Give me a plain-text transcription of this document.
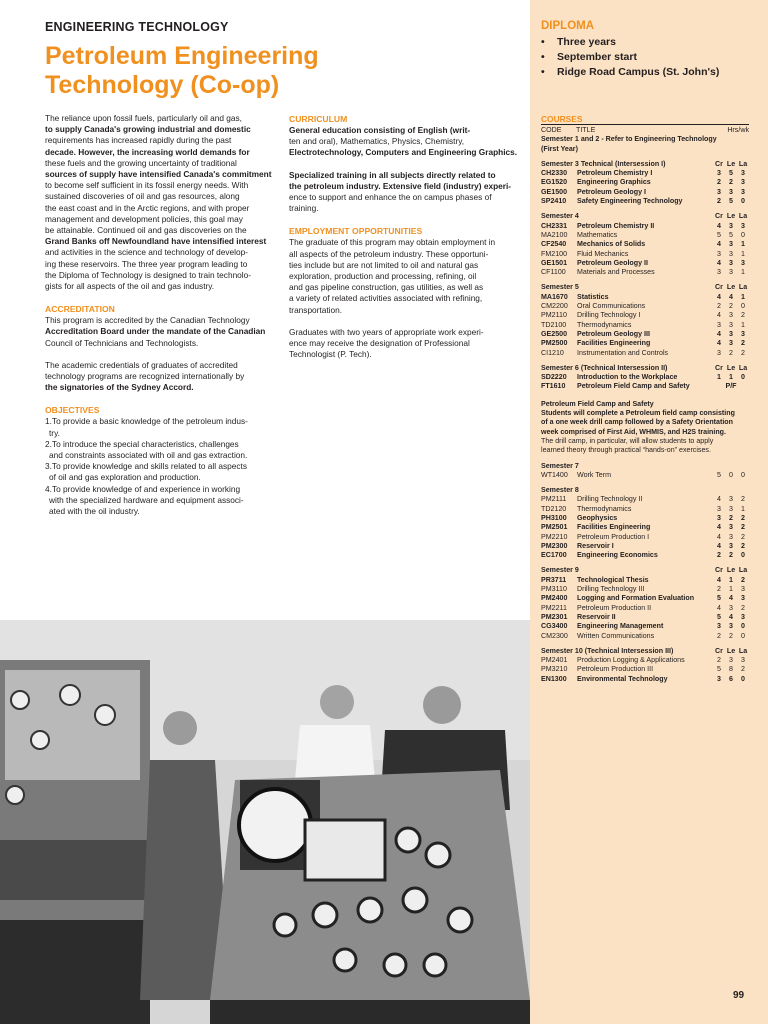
ENGINEERING TECHNOLOGY
Petroleum Engineering
Technology (Co-op)

The reliance upon fossil fuels, particularly oil and gas,
to supply Canada's growing industrial and domestic
requirements has increased rapidly during the past
decade. However, the increasing world demands for
these fuels and the growing uncertainty of traditional
sources of supply have intensified Canada's commitment
to become self sufficient in its fossil energy needs. With
sustained discoveries of oil and gas resources, along
the east coast and in the Arctic regions, and with proper
management and development policies, this goal may
be attainable. Continued oil and gas discoveries on the
Grand Banks off Newfoundland have intensified interest
and activities in the science and technology of develop-
ing these reservoirs. The three year program leading to
the Diploma of Technology is designed to train technolo-
gists for all aspects of the oil and gas industry.

ACCREDITATION

This program is accredited by the Canadian Technology
Accreditation Board under the mandate of the Canadian
Council of Technicians and Technologists.

The academic credentials of graduates of accredited
technology programs are recognized internationally by
the signatories of the Sydney Accord.

OBJECTIVES
1.To provide a basic knowledge of the petroleum indus-
try.
2.To introduce the special characteristics, challenges
and constraints associated with oil and gas extraction.
3.To provide knowledge and skills related to all aspects
of oil and gas exploration and production.
4.To provide knowledge of and experience in working
with the specialized hardware and equipment associ-
ated with the oil industry.
CURRICULUM

General education consisting of English (writ-
ten and oral), Mathematics, Physics, Chemistry,
Electrotechnology, Computers and Engineering Graphics.

Specialized training in all subjects directly related to
the petroleum industry. Extensive field (industry) experi-
ence to support and enhance the on campus phases of
training.

EMPLOYMENT OPPORTUNITIES

The graduate of this program may obtain employment in
all aspects of the petroleum industry. These opportuni-
ties include but are not limited to oil and natural gas
exploration, production and processing, refining, oil
and gas pipeline construction, gas utilities, as well as
a variety of related activities associated with refining,
transportation.

Graduates with two years of appropriate work experi-
ence may receive the designation of Professional
Technologist (P. Tech).

DIPLOMA
• Three years
• September start
• Ridge Road Campus (St. John's)
COURSES
CODE	TITLE	Hrs/wk
Semester 1 and 2 - Refer to Engineering Technology
(First Year)
Semester 3 Technical (Intersession I)	Cr Le La
CH2330	Petroleum Chemistry I	3	5	3
EG1520	Engineering Graphics	2	2	3
GE1500	Petroleum Geology I	3	3	3
SP2410	Safety Engineering Technology	2	5	0
Semester 4	Cr Le La
CH2331	Petroleum Chemistry II	4	3	3
MA2100	Mathematics	5	5	0
CF2540	Mechanics of Solids	4	3	1
FM2100	Fluid Mechanics	3	3	1
GE1501	Petroleum Geology II	4	3	3
CF1100	Materials and Processes	3	3	1
Semester 5	Cr Le La
MA1670	Statistics	4	4	1
CM2200	Oral Communications	2	2	0
PM2110	Drilling Technology I	4	3	2
TD2100	Thermodynamics	3	3	1
GE2500	Petroleum Geology III	4	3	3
PM2500	Facilities Engineering	4	3	2
CI1210	Instrumentation and Controls	3	2	2
Semester 6 (Technical Intersession II)	Cr Le La
SD2220	Introduction to the Workplace	1	1	0
FT1610	Petroleum Field Camp and Safety	P/F
Petroleum Field Camp and Safety
Students will complete a Petroleum field camp consisting
of a one week drill camp followed by a Safety Orientation
week comprised of First Aid, WHMIS, and H2S training.
The drill camp, in particular, will allow students to apply
learned theory through practical “hands-on” exercises.
Semester 7
WT1400	Work Term	5	0	0
Semester 8
PM2111	Drilling Technology II	4	3	2
TD2120	Thermodynamics	3	3	1
PH3100	Geophysics	3	2	2
PM2501	Facilities Engineering	4	3	2
PM2210	Petroleum Production I	4	3	2
PM2300	Reservoir I	4	3	2
EC1700	Engineering Economics	2	2	0
Semester 9	Cr Le La
PR3711	Technological Thesis	4	1	2
PM3110	Drilling Technology III	2	1	3
PM2400	Logging and Formation Evaluation	5	4	3
PM2211	Petroleum Production II	4	3	2
PM2301	Reservoir II	5	4	3
CG3400	Engineering Management	3	3	0
CM2300	Written Communications	2	2	0
Semester 10 (Technical Intersession III)	Cr Le La
PM2401	Production Logging & Applications	2	3	3
PM3210	Petroleum Production III	5	8	2
EN1300	Environmental Technology	3	6	0
99
